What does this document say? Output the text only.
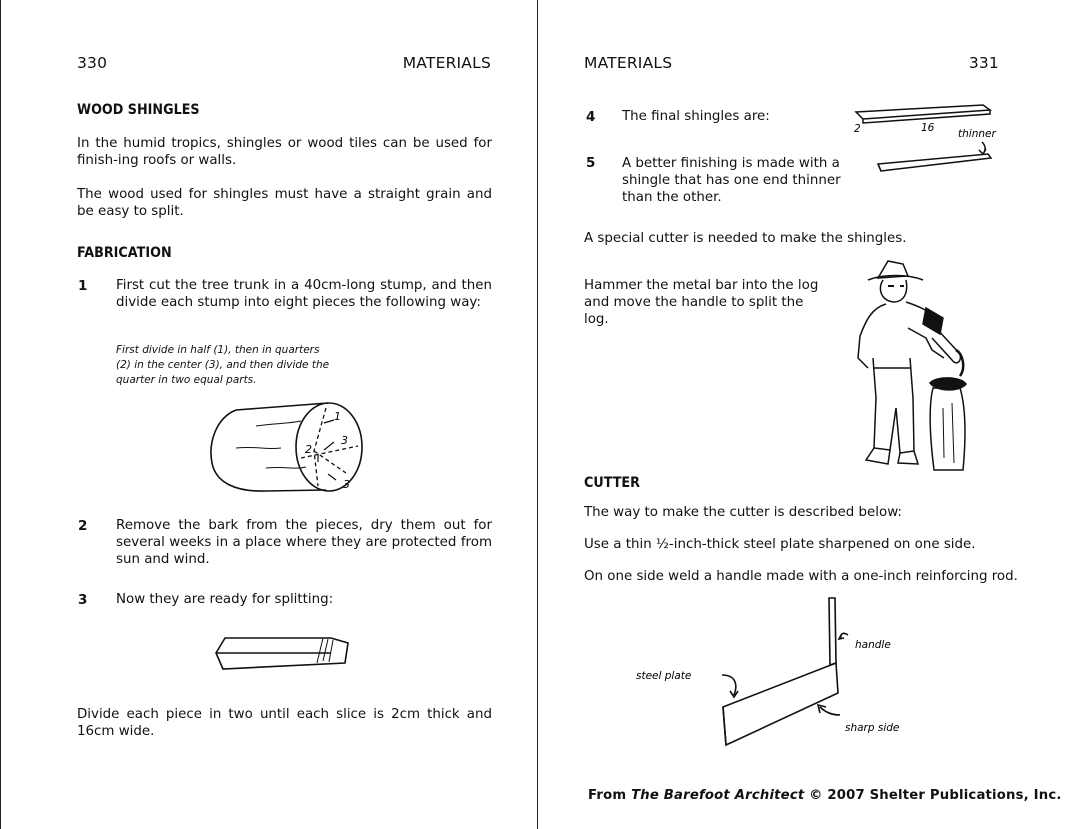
330	MATERIALS
WOOD SHINGLES
In the humid tropics, shingles or wood tiles can be used for finish-ing roofs or walls.
The wood used for shingles must have a straight grain and be easy to split.
FABRICATION
1 First cut the tree trunk in a 40cm-long stump, and then divide each stump into eight pieces the following way:
First divide in half (1), then in quarters (2) in the center (3), and then divide the quarter in two equal parts.
1
2
3
3
2 Remove the bark from the pieces, dry them out for several weeks in a place where they are protected from sun and wind.
3 Now they are ready for splitting:
Divide each piece in two until each slice is 2cm thick and 16cm wide.
MATERIALS	331
4 The final shingles are:
2	16 thinner
5 A better finishing is made with a shingle that has one end thinner than the other.
A special cutter is needed to make the shingles.
Hammer the metal bar into the log and move the handle to split the log.
CUTTER
The way to make the cutter is described below:
Use a thin ½-inch-thick steel plate sharpened on one side.
On one side weld a handle made with a one-inch reinforcing rod.
handle
steel plate
sharp side
From The Barefoot Architect © 2007 Shelter Publications, Inc.
